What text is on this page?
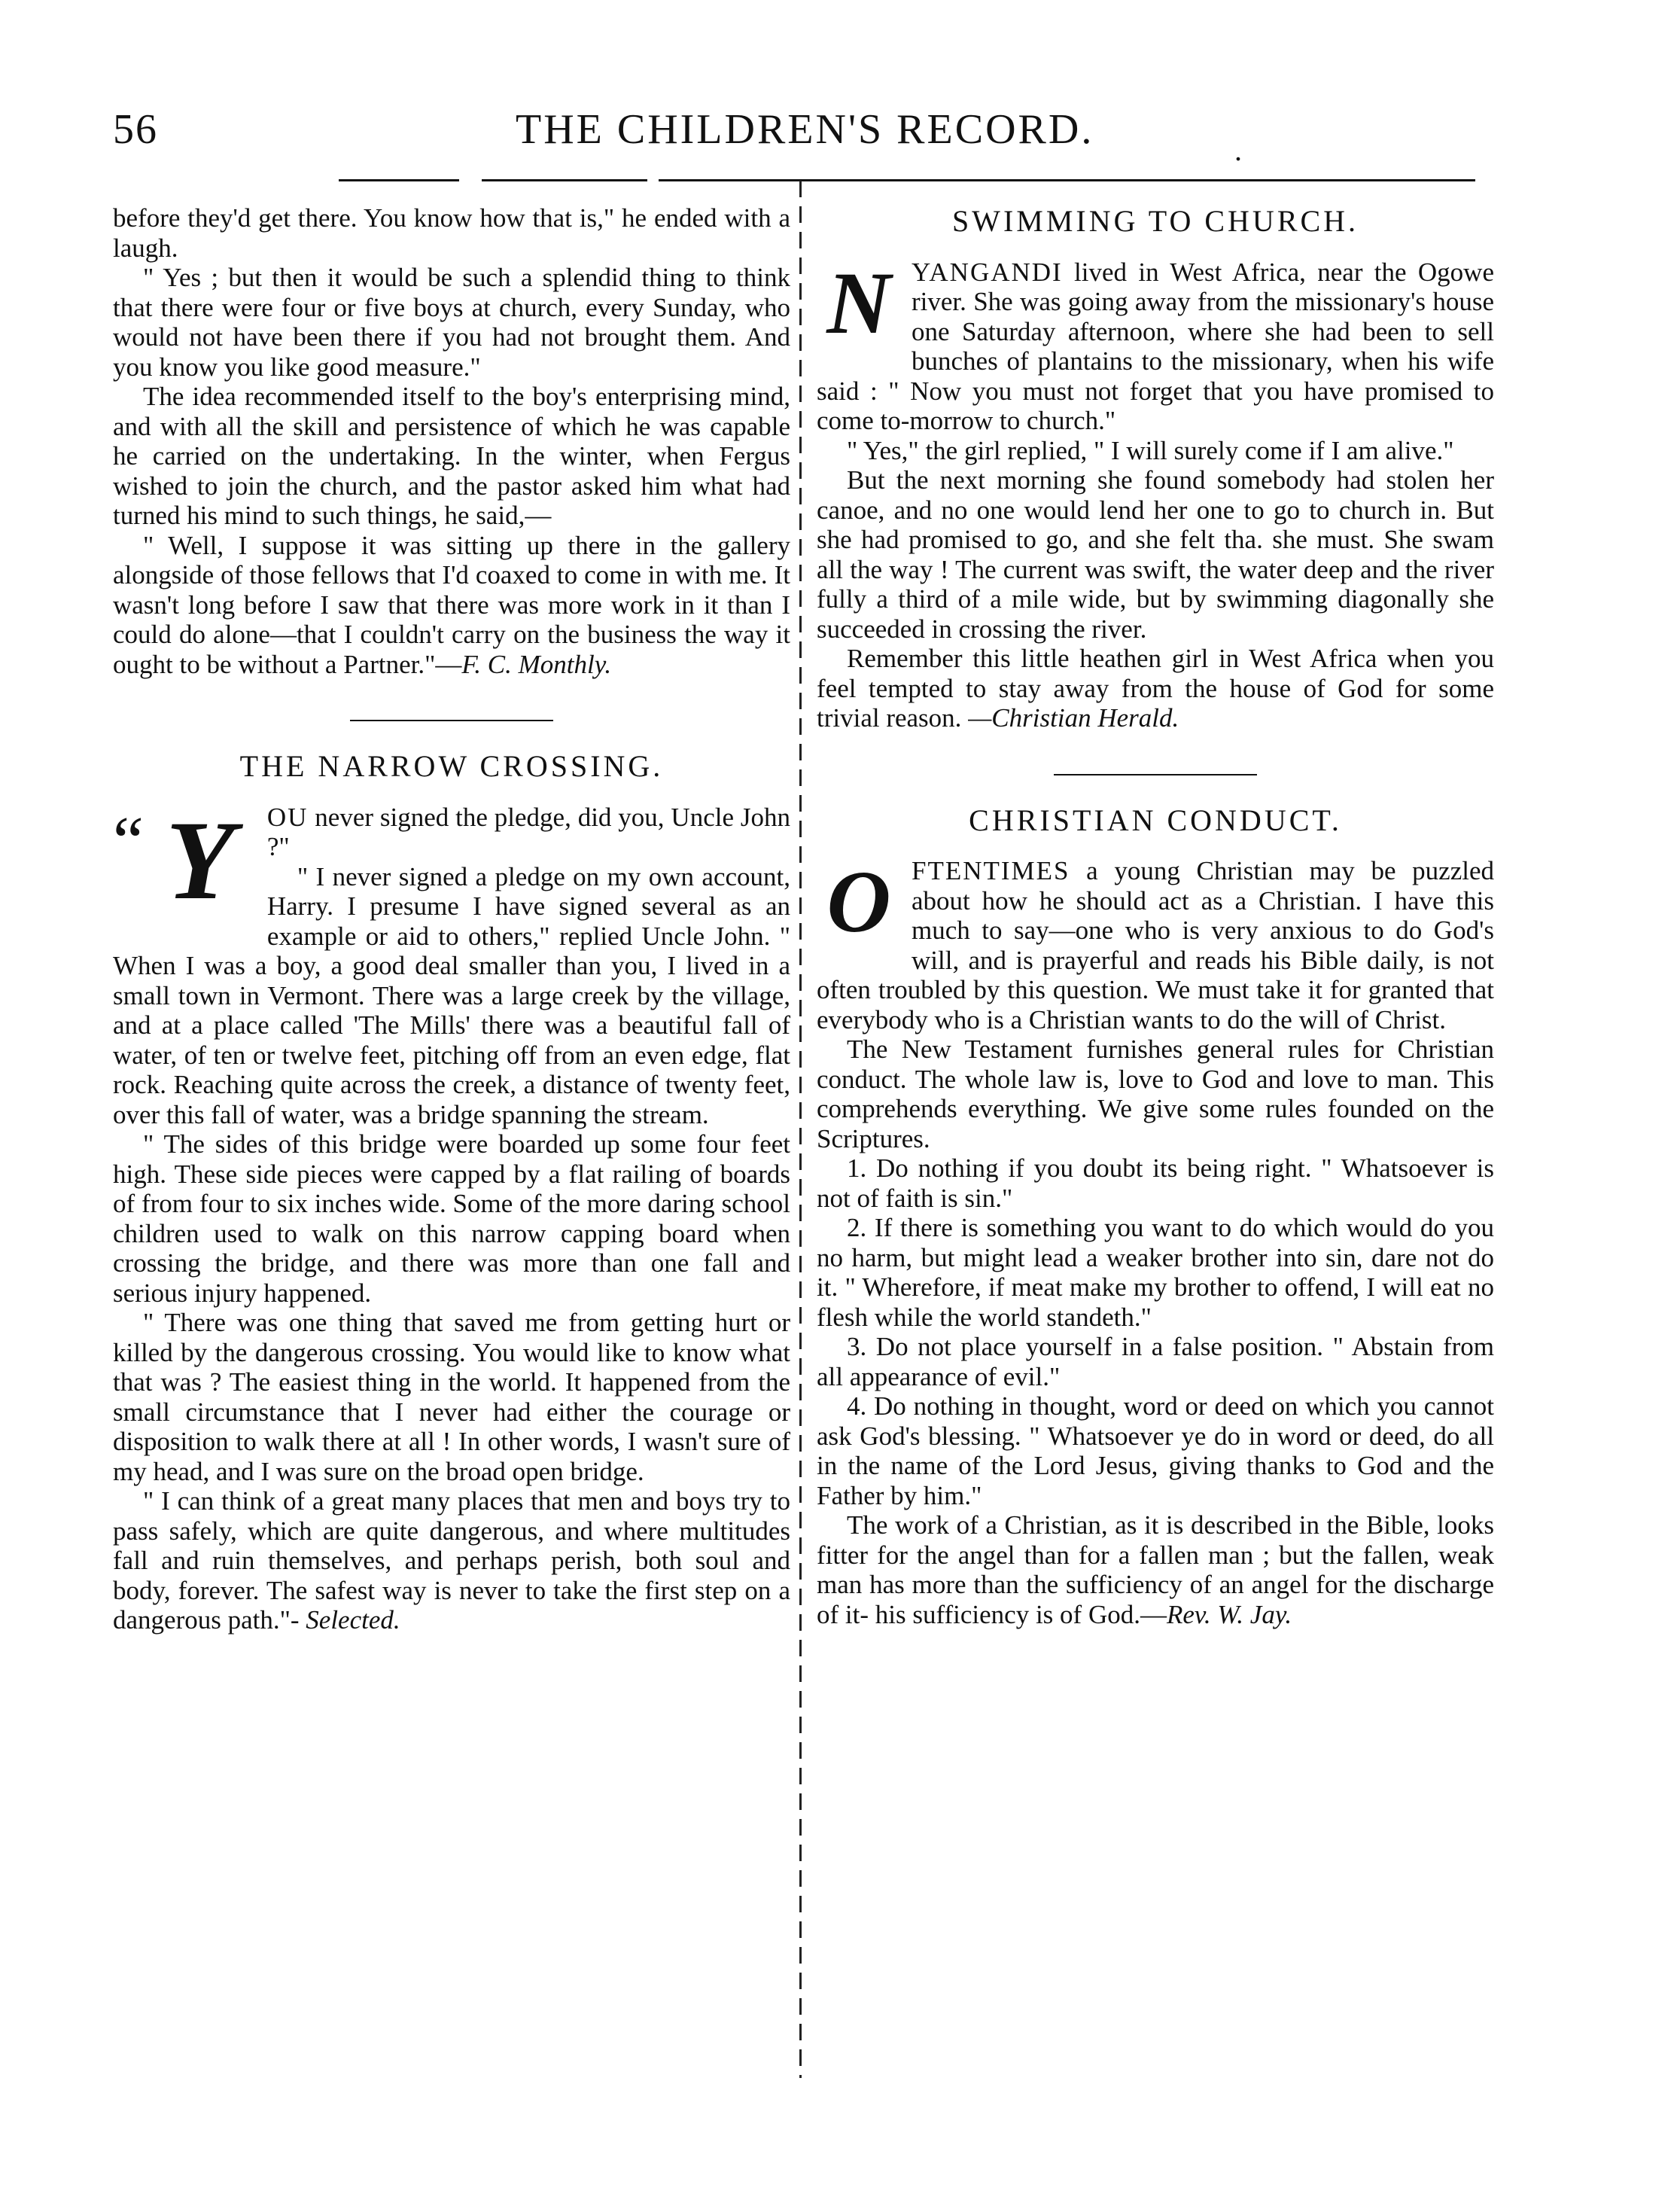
56	THE CHILDREN'S RECORD.	.

before they'd get there. You know how that is," he ended with a laugh.

" Yes ; but then it would be such a splendid thing to think that there were four or five boys at church, every Sunday, who would not have been there if you had not brought them. And you know you like good measure."

The idea recommended itself to the boy's enterprising mind, and with all the skill and persistence of which he was capable he carried on the undertaking. In the winter, when Fergus wished to join the church, and the pastor asked him what had turned his mind to such things, he said,—

" Well, I suppose it was sitting up there in the gallery alongside of those fellows that I'd coaxed to come in with me. It wasn't long before I saw that there was more work in it than I could do alone—that I couldn't carry on the business the way it ought to be without a Partner."—F. C. Monthly.

THE NARROW CROSSING.

“ Y	OU never signed the pledge, did you, Uncle John ?"

" I never signed a pledge on my own account, Harry. I presume I have signed several as an example or aid to others," replied Uncle John. " When I was a boy, a good deal smaller than you, I lived in a small town in Vermont. There was a large creek by the village, and at a place called 'The Mills' there was a beautiful fall of water, of ten or twelve feet, pitching off from an even edge, flat rock. Reaching quite across the creek, a distance of twenty feet, over this fall of water, was a bridge spanning the stream.

" The sides of this bridge were boarded up some four feet high. These side pieces were capped by a flat railing of boards of from four to six inches wide. Some of the more daring school children used to walk on this narrow capping board when crossing the bridge, and there was more than one fall and serious injury happened.

" There was one thing that saved me from getting hurt or killed by the dangerous crossing. You would like to know what that was ? The easiest thing in the world. It happened from the small circumstance that I never had either the courage or disposition to walk there at all ! In other words, I wasn't sure of my head, and I was sure on the broad open bridge.

" I can think of a great many places that men and boys try to pass safely, which are quite dangerous, and where multitudes fall and ruin themselves, and perhaps perish, both soul and body, forever. The safest way is never to take the first step on a dangerous path."- Selected.

SWIMMING TO CHURCH.

N YANGANDI lived in West Africa, near the Ogowe river. She was going away from the missionary's house one Saturday afternoon, where she had been to sell bunches of plantains to the missionary, when his wife said : " Now you must not forget that you have promised to come to-morrow to church."

" Yes," the girl replied, " I will surely come if I am alive."

But the next morning she found somebody had stolen her canoe, and no one would lend her one to go to church in. But she had promised to go, and she felt tha. she must. She swam all the way ! The current was swift, the water deep and the river fully a third of a mile wide, but by swimming diagonally she succeeded in crossing the river.

Remember this little heathen girl in West Africa when you feel tempted to stay away from the house of God for some trivial reason. —Christian Herald.

CHRISTIAN CONDUCT.

O FTENTIMES a young Christian may be puzzled about how he should act as a Christian. I have this much to say—one who is very anxious to do God's will, and is prayerful and reads his Bible daily, is not often troubled by this question. We must take it for granted that everybody who is a Christian wants to do the will of Christ.

The New Testament furnishes general rules for Christian conduct. The whole law is, love to God and love to man. This comprehends everything. We give some rules founded on the Scriptures.

1. Do nothing if you doubt its being right. " Whatsoever is not of faith is sin."

2. If there is something you want to do which would do you no harm, but might lead a weaker brother into sin, dare not do it. " Wherefore, if meat make my brother to offend, I will eat no flesh while the world standeth."

3. Do not place yourself in a false position. " Abstain from all appearance of evil."

4. Do nothing in thought, word or deed on which you cannot ask God's blessing. " Whatsoever ye do in word or deed, do all in the name of the Lord Jesus, giving thanks to God and the Father by him."

The work of a Christian, as it is described in the Bible, looks fitter for the angel than for a fallen man ; but the fallen, weak man has more than the sufficiency of an angel for the discharge of it- his sufficiency is of God.—Rev. W. Jay.
